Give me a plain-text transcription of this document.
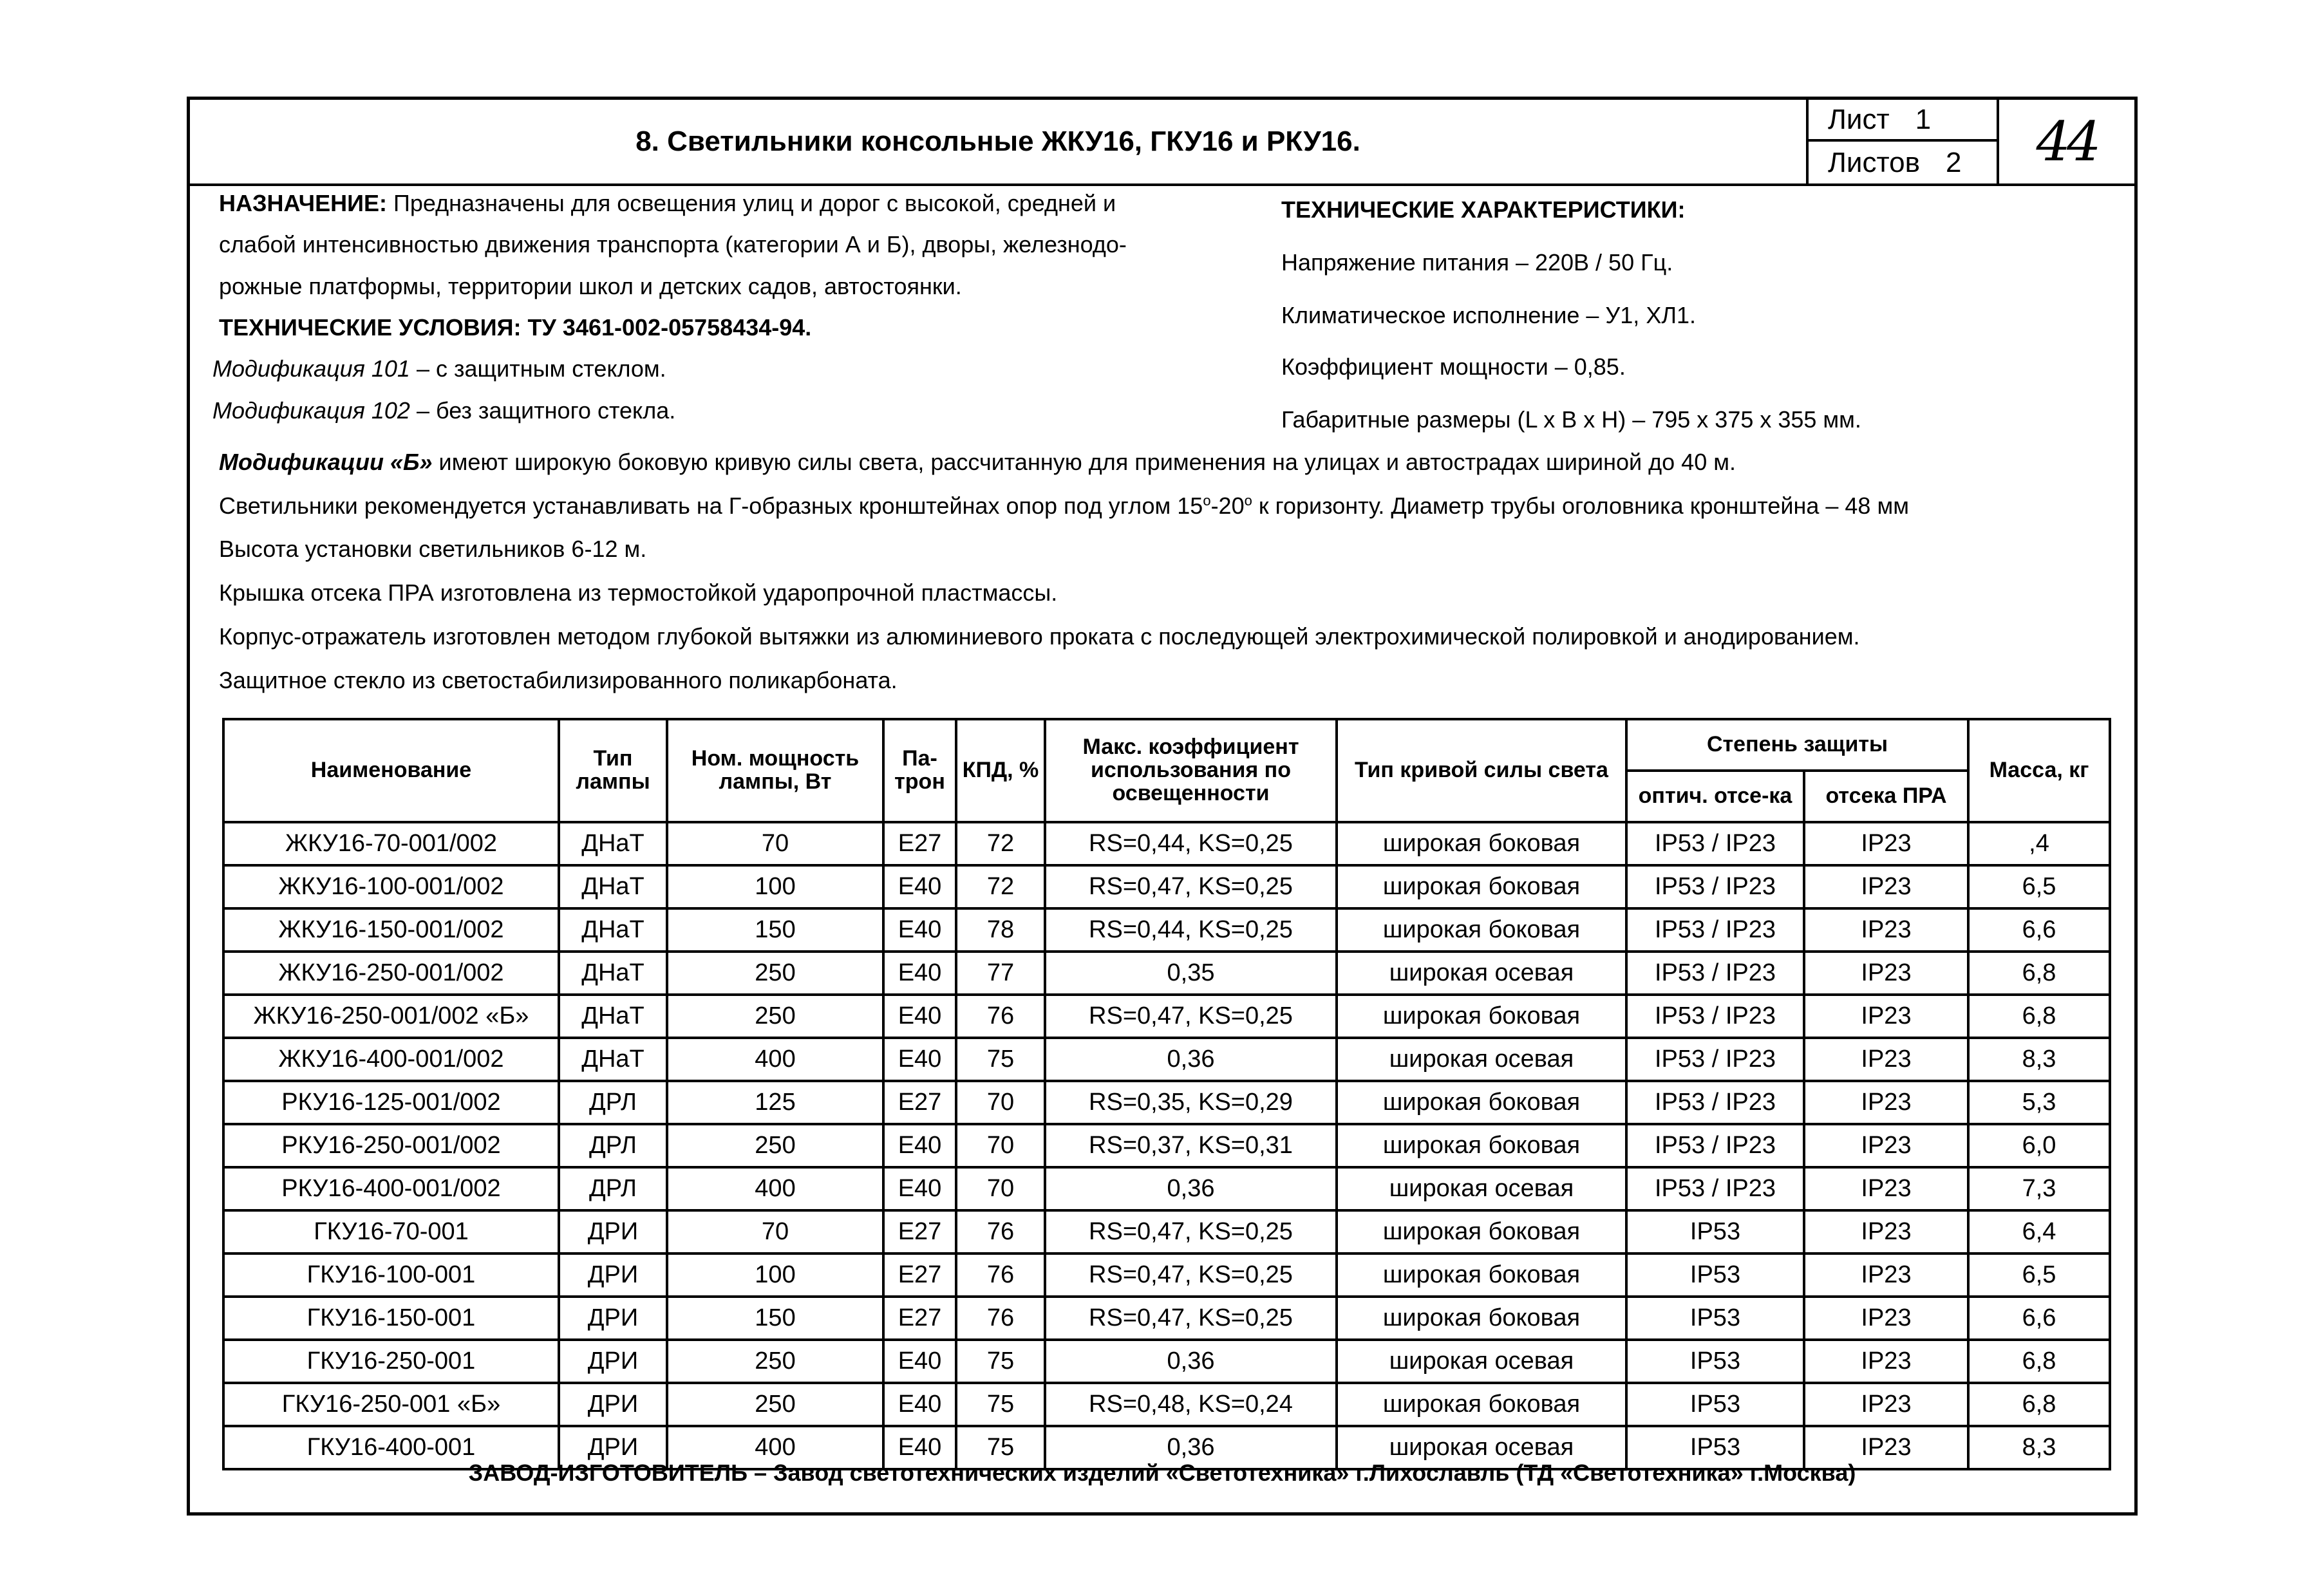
8. Светильники консольные ЖКУ16, ГКУ16 и РКУ16.
Лист 1
Листов 2	44
НАЗНАЧЕНИЕ: Предназначены для освещения улиц и дорог с высокой, средней и
слабой интенсивностью движения транспорта (категории А и Б), дворы, железнодо-
рожные платформы, территории школ и детских садов, автостоянки.
ТЕХНИЧЕСКИЕ УСЛОВИЯ: ТУ 3461-002-05758434-94.
Модификация 101 – с защитным стеклом.
Модификация 102 – без защитного стекла.
ТЕХНИЧЕСКИЕ ХАРАКТЕРИСТИКИ:
Напряжение питания – 220В / 50 Гц.
Климатическое исполнение – У1, ХЛ1.
Коэффициент мощности – 0,85.
Габаритные размеры (L x B x H) – 795 x 375 x 355 мм.
Модификации «Б» имеют широкую боковую кривую силы света, рассчитанную для применения на улицах и автострадах шириной до 40 м.
Светильники рекомендуется устанавливать на Г-образных кронштейнах опор под углом 15$^o$-20$^o$ к горизонту. Диаметр трубы оголовника кронштейна – 48 мм
Высота установки светильников 6-12 м.
Крышка отсека ПРА изготовлена из термостойкой ударопрочной пластмассы.
Корпус-отражатель изготовлен методом глубокой вытяжки из алюминиевого проката с последующей электрохимической полировкой и анодированием.
Защитное стекло из светостабилизированного поликарбоната.
Наименование	Тип лампы	Ном. мощность лампы, Вт	Па-трон	КПД, %	Макс. коэффициент использования по освещенности	Тип кривой силы света	Степень защиты		Масса, кг
							оптич. отсе-ка	отсека ПРА	
ЖКУ16-70-001/002	ДНаТ	70	Е27	72	RS=0,44, KS=0,25	широкая боковая	IP53 / IP23	IP23	,4
ЖКУ16-100-001/002	ДНаТ	100	Е40	72	RS=0,47, KS=0,25	широкая боковая	IP53 / IP23	IP23	6,5
ЖКУ16-150-001/002	ДНаТ	150	Е40	78	RS=0,44, KS=0,25	широкая боковая	IP53 / IP23	IP23	6,6
ЖКУ16-250-001/002	ДНаТ	250	Е40	77	0,35	широкая осевая	IP53 / IP23	IP23	6,8
ЖКУ16-250-001/002 «Б»	ДНаТ	250	Е40	76	RS=0,47, KS=0,25	широкая боковая	IP53 / IP23	IP23	6,8
ЖКУ16-400-001/002	ДНаТ	400	Е40	75	0,36	широкая осевая	IP53 / IP23	IP23	8,3
РКУ16-125-001/002	ДРЛ	125	Е27	70	RS=0,35, KS=0,29	широкая боковая	IP53 / IP23	IP23	5,3
РКУ16-250-001/002	ДРЛ	250	Е40	70	RS=0,37, KS=0,31	широкая боковая	IP53 / IP23	IP23	6,0
РКУ16-400-001/002	ДРЛ	400	Е40	70	0,36	широкая осевая	IP53 / IP23	IP23	7,3
ГКУ16-70-001	ДРИ	70	Е27	76	RS=0,47, KS=0,25	широкая боковая	IP53	IP23	6,4
ГКУ16-100-001	ДРИ	100	Е27	76	RS=0,47, KS=0,25	широкая боковая	IP53	IP23	6,5
ГКУ16-150-001	ДРИ	150	Е27	76	RS=0,47, KS=0,25	широкая боковая	IP53	IP23	6,6
ГКУ16-250-001	ДРИ	250	Е40	75	0,36	широкая осевая	IP53	IP23	6,8
ГКУ16-250-001 «Б»	ДРИ	250	Е40	75	RS=0,48, KS=0,24	широкая боковая	IP53	IP23	6,8
ГКУ16-400-001	ДРИ	400	Е40	75	0,36	широкая осевая	IP53	IP23	8,3
ЗАВОД-ИЗГОТОВИТЕЛЬ – Завод светотехнических изделий «Светотехника» г.Лихославль (ТД «Светотехника» г.Москва)
